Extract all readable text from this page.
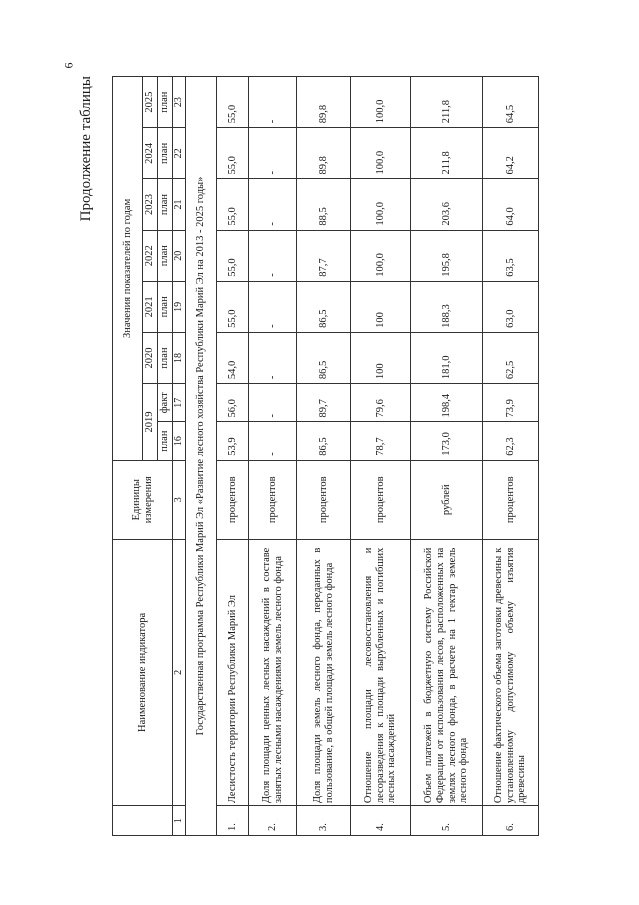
6
Продолжение таблицы
	Наименование индикатора	Единицы измерения	Значения показателей по годам							
			2019		2020	2021	2022	2023	2024	2025
			план	факт	план	план	план	план	план	план
1	2	3	16	17	18	19	20	21	22	23
Государственная программа Республики Марий Эл «Развитие лесного хозяйства Республики Марий Эл на 2013 - 2025 годы»										
1.	Лесистость территории Республики Марий Эл	процентов	53,9	56,0	54,0	55,0	55,0	55,0	55,0	55,0
2.	Доля площади ценных лесных насаждений в составе занятых лесными насаждениями земель лесного фонда	процентов	-	-	-	-	-	-	-	-
3.	Доля площади земель лесного фонда, переданных в пользование, в общей площади земель лесного фонда	процентов	86,5	89,7	86,5	86,5	87,7	88,5	89,8	89,8
4.	Отношение площади лесовосстановления и лесоразведения к площади вырубленных и погибших лесных насаждений	процентов	78,7	79,6	100	100	100,0	100,0	100,0	100,0
5.	Объем платежей в бюджетную систему Российской Федерации от использования лесов, расположенных на землях лесного фонда, в расчете на 1 гектар земель лесного фонда	рублей	173,0	198,4	181,0	188,3	195,8	203,6	211,8	211,8
6.	Отношение фактического объема заготовки древесины к установленному допустимому объему изъятия древесины	процентов	62,3	73,9	62,5	63,0	63,5	64,0	64,2	64,5
